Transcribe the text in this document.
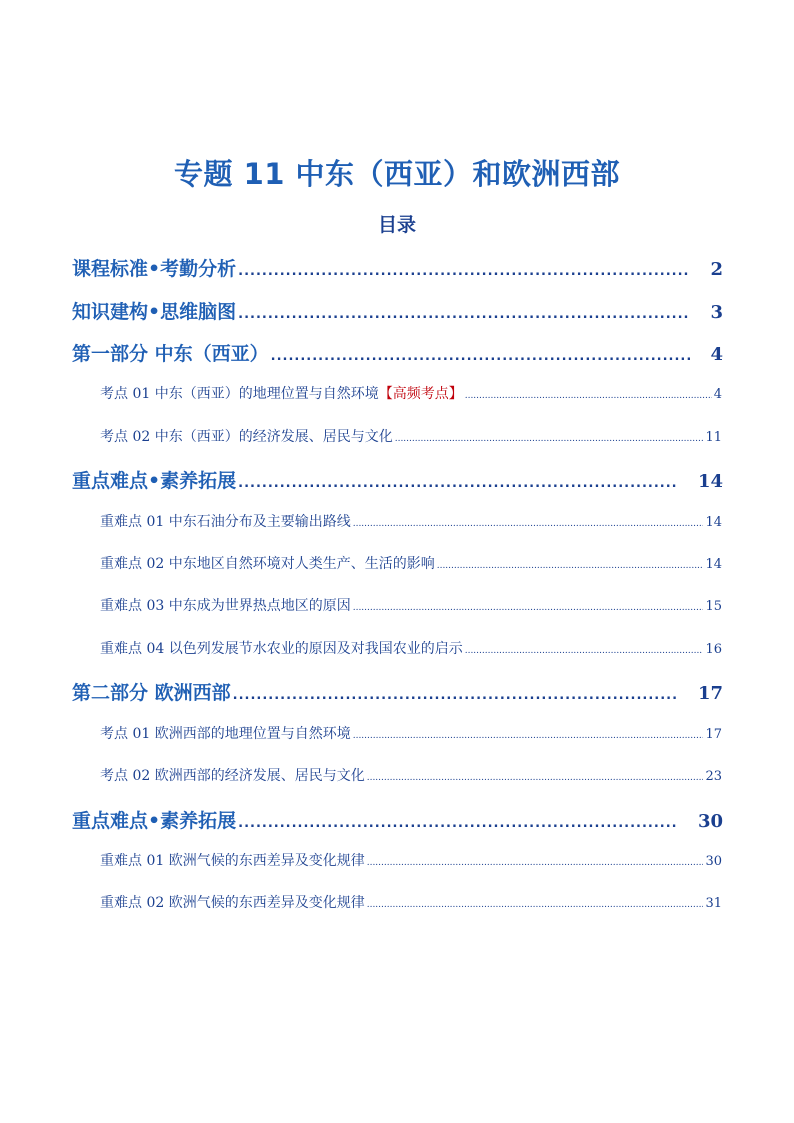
专题 11 中东（西亚）和欧洲西部
目录
课程标准•考勤分析 .....	2
知识建构•思维脑图 .....	3
第一部分 中东（西亚） .....	4
考点 01 中东（西亚）的地理位置与自然环境 【高频考点】 .....	4
考点 02 中东（西亚）的经济发展、居民与文化 .....	11
重点难点•素养拓展 .....	14
重难点 01 中东石油分布及主要输出路线 .....	14
重难点 02 中东地区自然环境对人类生产、生活的影响 .....	14
重难点 03 中东成为世界热点地区的原因 .....	15
重难点 04 以色列发展节水农业的原因及对我国农业的启示 .....	16
第二部分 欧洲西部 .....	17
考点 01 欧洲西部的地理位置与自然环境 .....	17
考点 02 欧洲西部的经济发展、居民与文化 .....	23
重点难点•素养拓展 .....	30
重难点 01 欧洲气候的东西差异及变化规律 .....	30
重难点 02 欧洲气候的东西差异及变化规律 .....	31
